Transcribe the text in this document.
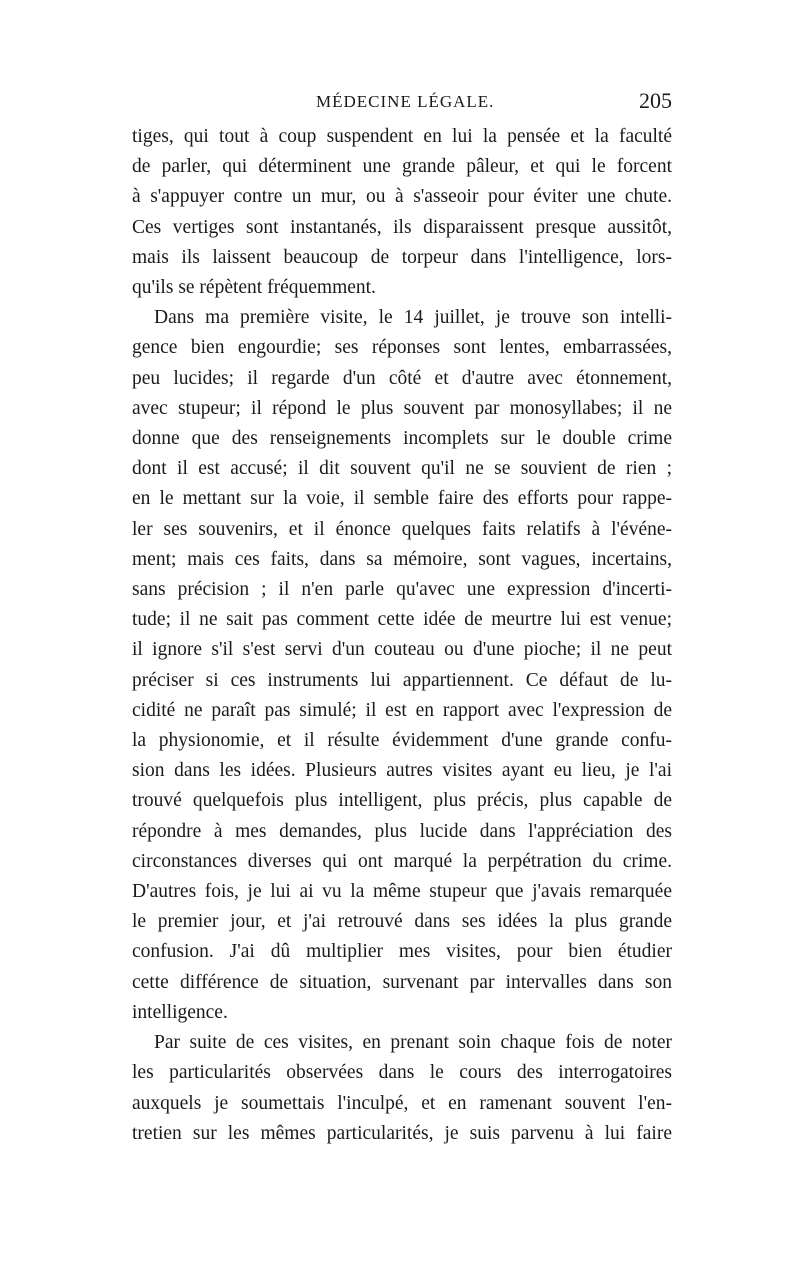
MÉDECINE LÉGALE.	205
tiges, qui tout à coup suspendent en lui la pensée et la faculté
de parler, qui déterminent une grande pâleur, et qui le forcent
à s'appuyer contre un mur, ou à s'asseoir pour éviter une chute.
Ces vertiges sont instantanés, ils disparaissent presque aussitôt,
mais ils laissent beaucoup de torpeur dans l'intelligence, lors-
qu'ils se répètent fréquemment.
Dans ma première visite, le 14 juillet, je trouve son intelli-
gence bien engourdie; ses réponses sont lentes, embarrassées,
peu lucides; il regarde d'un côté et d'autre avec étonnement,
avec stupeur; il répond le plus souvent par monosyllabes; il ne
donne que des renseignements incomplets sur le double crime
dont il est accusé; il dit souvent qu'il ne se souvient de rien ;
en le mettant sur la voie, il semble faire des efforts pour rappe-
ler ses souvenirs, et il énonce quelques faits relatifs à l'événe-
ment; mais ces faits, dans sa mémoire, sont vagues, incertains,
sans précision ; il n'en parle qu'avec une expression d'incerti-
tude; il ne sait pas comment cette idée de meurtre lui est venue;
il ignore s'il s'est servi d'un couteau ou d'une pioche; il ne peut
préciser si ces instruments lui appartiennent. Ce défaut de lu-
cidité ne paraît pas simulé; il est en rapport avec l'expression de
la physionomie, et il résulte évidemment d'une grande confu-
sion dans les idées. Plusieurs autres visites ayant eu lieu, je l'ai
trouvé quelquefois plus intelligent, plus précis, plus capable de
répondre à mes demandes, plus lucide dans l'appréciation des
circonstances diverses qui ont marqué la perpétration du crime.
D'autres fois, je lui ai vu la même stupeur que j'avais remarquée
le premier jour, et j'ai retrouvé dans ses idées la plus grande
confusion. J'ai dû multiplier mes visites, pour bien étudier
cette différence de situation, survenant par intervalles dans son
intelligence.
Par suite de ces visites, en prenant soin chaque fois de noter
les particularités observées dans le cours des interrogatoires
auxquels je soumettais l'inculpé, et en ramenant souvent l'en-
tretien sur les mêmes particularités, je suis parvenu à lui faire
